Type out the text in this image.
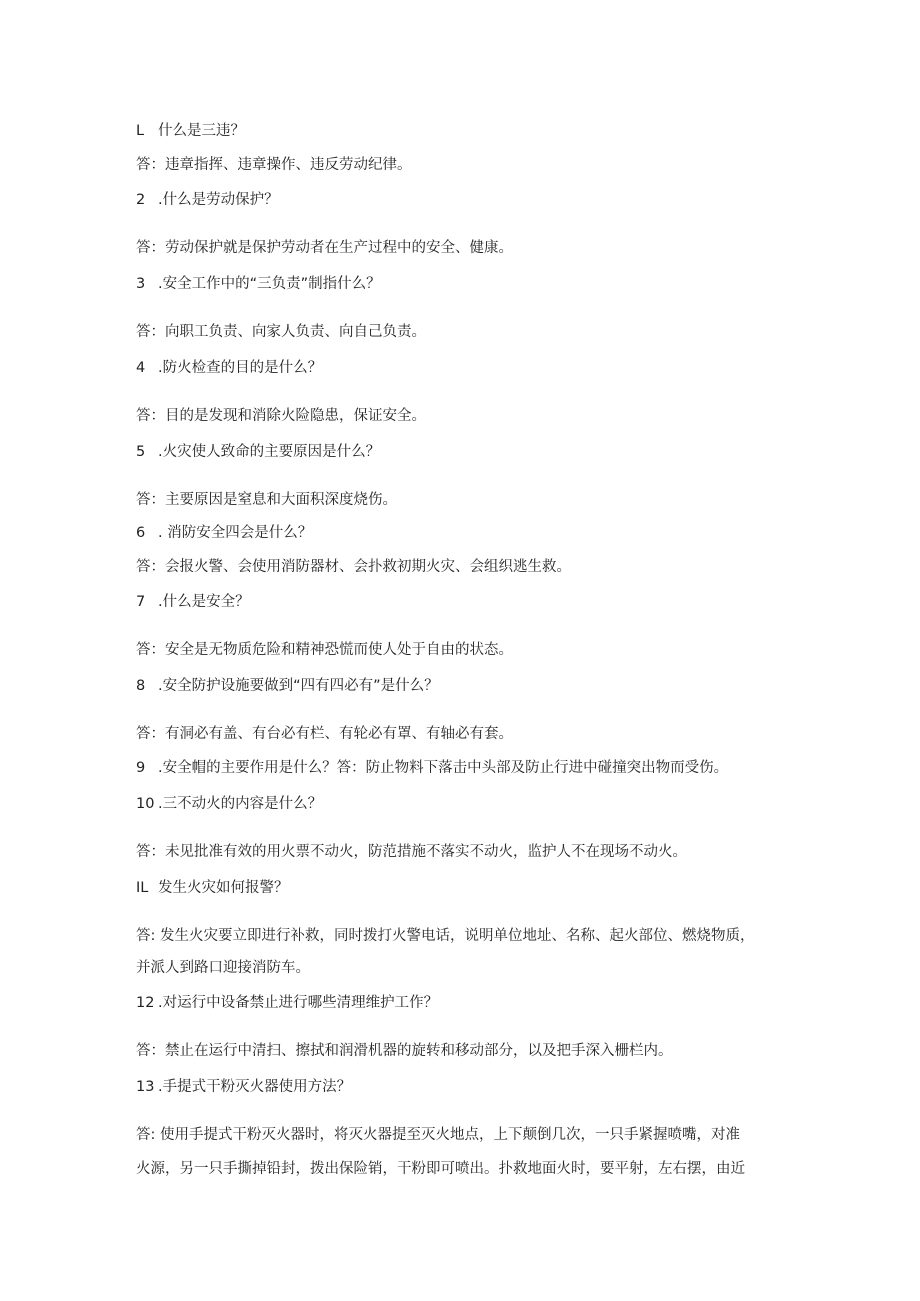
L 什么是三违？
答：违章指挥、违章操作、违反劳动纪律。
2 .什么是劳动保护？
答：劳动保护就是保护劳动者在生产过程中的安全、健康。
3 .安全工作中的“三负责”制指什么？
答：向职工负责、向家人负责、向自己负责。
4 .防火检查的目的是什么？
答：目的是发现和消除火险隐患，保证安全。
5 .火灾使人致命的主要原因是什么？
答：主要原因是窒息和大面积深度烧伤。
6 . 消防安全四会是什么？
答：会报火警、会使用消防器材、会扑救初期火灾、会组织逃生救。
7 .什么是安全？
答：安全是无物质危险和精神恐慌而使人处于自由的状态。
8 .安全防护设施要做到“四有四必有”是什么？
答：有洞必有盖、有台必有栏、有轮必有罩、有轴必有套。
9 .安全帽的主要作用是什么？答：防止物料下落击中头部及防止行进中碰撞突出物而受伤。
10 .三不动火的内容是什么？
答：未见批准有效的用火票不动火，防范措施不落实不动火，监护人不在现场不动火。
IL 发生火灾如何报警？
答: 发生火灾要立即进行补救，同时拨打火警电话，说明单位地址、名称、起火部位、燃烧物质，
并派人到路口迎接消防车。
12 .对运行中设备禁止进行哪些清理维护工作？
答：禁止在运行中清扫、擦拭和润滑机器的旋转和移动部分，以及把手深入栅栏内。
13 .手提式干粉灭火器使用方法？
答: 使用手提式干粉灭火器时，将灭火器提至灭火地点，上下颠倒几次，一只手紧握喷嘴，对准
火源，另一只手撕掉铅封，拨出保险销，干粉即可喷出。扑救地面火时，要平射，左右摆，由近
